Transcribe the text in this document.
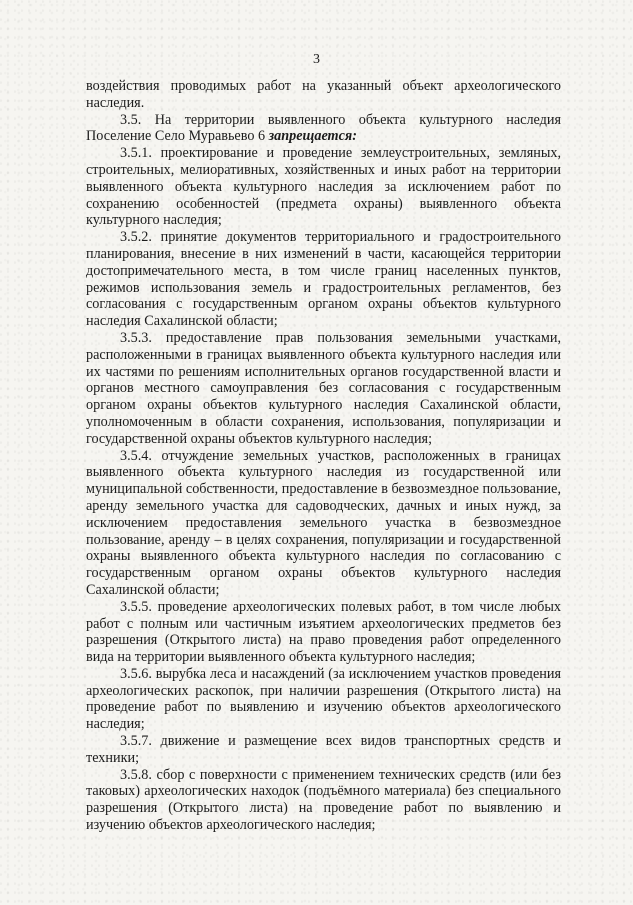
3

воздействия проводимых работ на указанный объект археологического наследия.

3.5. На территории выявленного объекта культурного наследия Поселение Село Муравьево 6 запрещается:

3.5.1. проектирование и проведение землеустроительных, земляных, строительных, мелиоративных, хозяйственных и иных работ на территории выявленного объекта культурного наследия за исключением работ по сохранению особенностей (предмета охраны) выявленного объекта культурного наследия;

3.5.2. принятие документов территориального и градостроительного планирования, внесение в них изменений в части, касающейся территории достопримечательного места, в том числе границ населенных пунктов, режимов использования земель и градостроительных регламентов, без согласования с государственным органом охраны объектов культурного наследия Сахалинской области;

3.5.3. предоставление прав пользования земельными участками, расположенными в границах выявленного объекта культурного наследия или их частями по решениям исполнительных органов государственной власти и органов местного самоуправления без согласования с государственным органом охраны объектов культурного наследия Сахалинской области, уполномоченным в области сохранения, использования, популяризации и государственной охраны объектов культурного наследия;

3.5.4. отчуждение земельных участков, расположенных в границах выявленного объекта культурного наследия из государственной или муниципальной собственности, предоставление в безвозмездное пользование, аренду земельного участка для садоводческих, дачных и иных нужд, за исключением предоставления земельного участка в безвозмездное пользование, аренду – в целях сохранения, популяризации и государственной охраны выявленного объекта культурного наследия по согласованию с государственным органом охраны объектов культурного наследия Сахалинской области;

3.5.5. проведение археологических полевых работ, в том числе любых работ с полным или частичным изъятием археологических предметов без разрешения (Открытого листа) на право проведения работ определенного вида на территории выявленного объекта культурного наследия;

3.5.6. вырубка леса и насаждений (за исключением участков проведения археологических раскопок, при наличии разрешения (Открытого листа) на проведение работ по выявлению и изучению объектов археологического наследия;

3.5.7. движение и размещение всех видов транспортных средств и техники;

3.5.8. сбор с поверхности с применением технических средств (или без таковых) археологических находок (подъёмного материала) без специального разрешения (Открытого листа) на проведение работ по выявлению и изучению объектов археологического наследия;
